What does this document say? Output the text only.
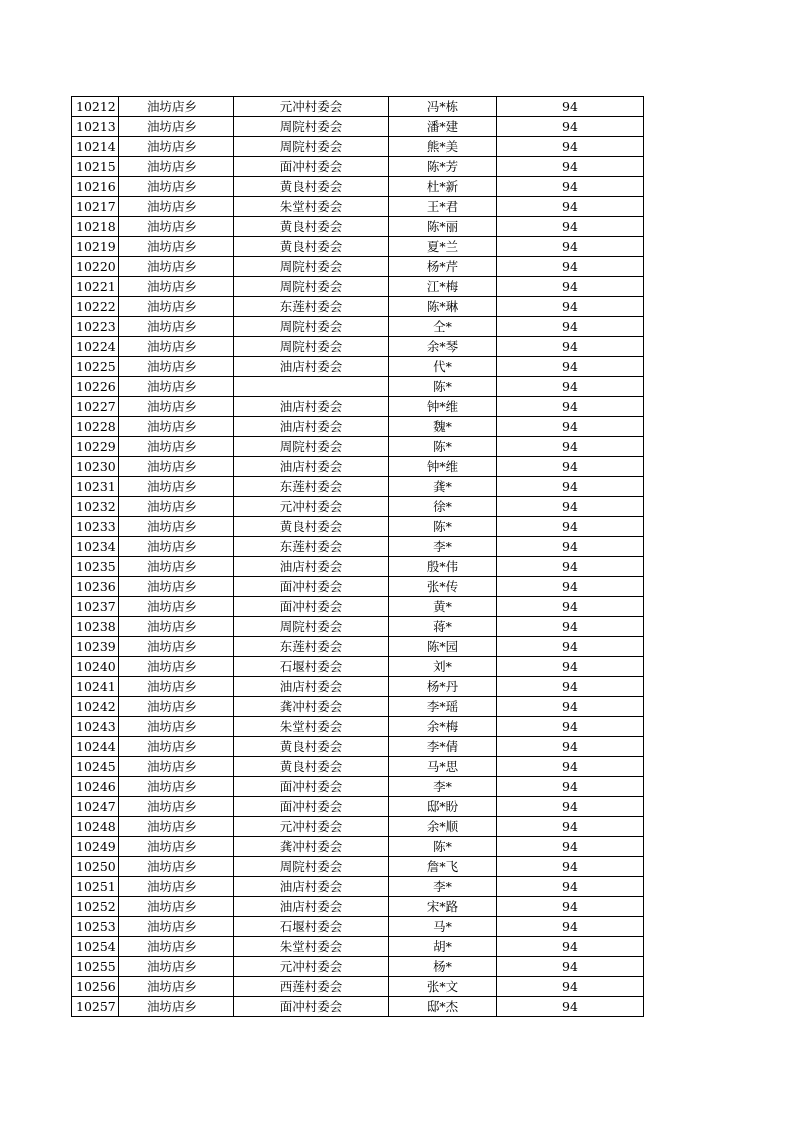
10212	油坊店乡	元冲村委会	冯*栋	94
10213	油坊店乡	周院村委会	潘*建	94
10214	油坊店乡	周院村委会	熊*美	94
10215	油坊店乡	面冲村委会	陈*芳	94
10216	油坊店乡	黄良村委会	杜*新	94
10217	油坊店乡	朱堂村委会	王*君	94
10218	油坊店乡	黄良村委会	陈*丽	94
10219	油坊店乡	黄良村委会	夏*兰	94
10220	油坊店乡	周院村委会	杨*芹	94
10221	油坊店乡	周院村委会	江*梅	94
10222	油坊店乡	东莲村委会	陈*琳	94
10223	油坊店乡	周院村委会	仝*	94
10224	油坊店乡	周院村委会	余*琴	94
10225	油坊店乡	油店村委会	代*	94
10226	油坊店乡		陈*	94
10227	油坊店乡	油店村委会	钟*维	94
10228	油坊店乡	油店村委会	魏*	94
10229	油坊店乡	周院村委会	陈*	94
10230	油坊店乡	油店村委会	钟*维	94
10231	油坊店乡	东莲村委会	龚*	94
10232	油坊店乡	元冲村委会	徐*	94
10233	油坊店乡	黄良村委会	陈*	94
10234	油坊店乡	东莲村委会	李*	94
10235	油坊店乡	油店村委会	殷*伟	94
10236	油坊店乡	面冲村委会	张*传	94
10237	油坊店乡	面冲村委会	黄*	94
10238	油坊店乡	周院村委会	蒋*	94
10239	油坊店乡	东莲村委会	陈*园	94
10240	油坊店乡	石堰村委会	刘*	94
10241	油坊店乡	油店村委会	杨*丹	94
10242	油坊店乡	龚冲村委会	李*瑶	94
10243	油坊店乡	朱堂村委会	余*梅	94
10244	油坊店乡	黄良村委会	李*倩	94
10245	油坊店乡	黄良村委会	马*思	94
10246	油坊店乡	面冲村委会	李*	94
10247	油坊店乡	面冲村委会	邸*盼	94
10248	油坊店乡	元冲村委会	余*顺	94
10249	油坊店乡	龚冲村委会	陈*	94
10250	油坊店乡	周院村委会	詹*飞	94
10251	油坊店乡	油店村委会	李*	94
10252	油坊店乡	油店村委会	宋*路	94
10253	油坊店乡	石堰村委会	马*	94
10254	油坊店乡	朱堂村委会	胡*	94
10255	油坊店乡	元冲村委会	杨*	94
10256	油坊店乡	西莲村委会	张*文	94
10257	油坊店乡	面冲村委会	邸*杰	94
